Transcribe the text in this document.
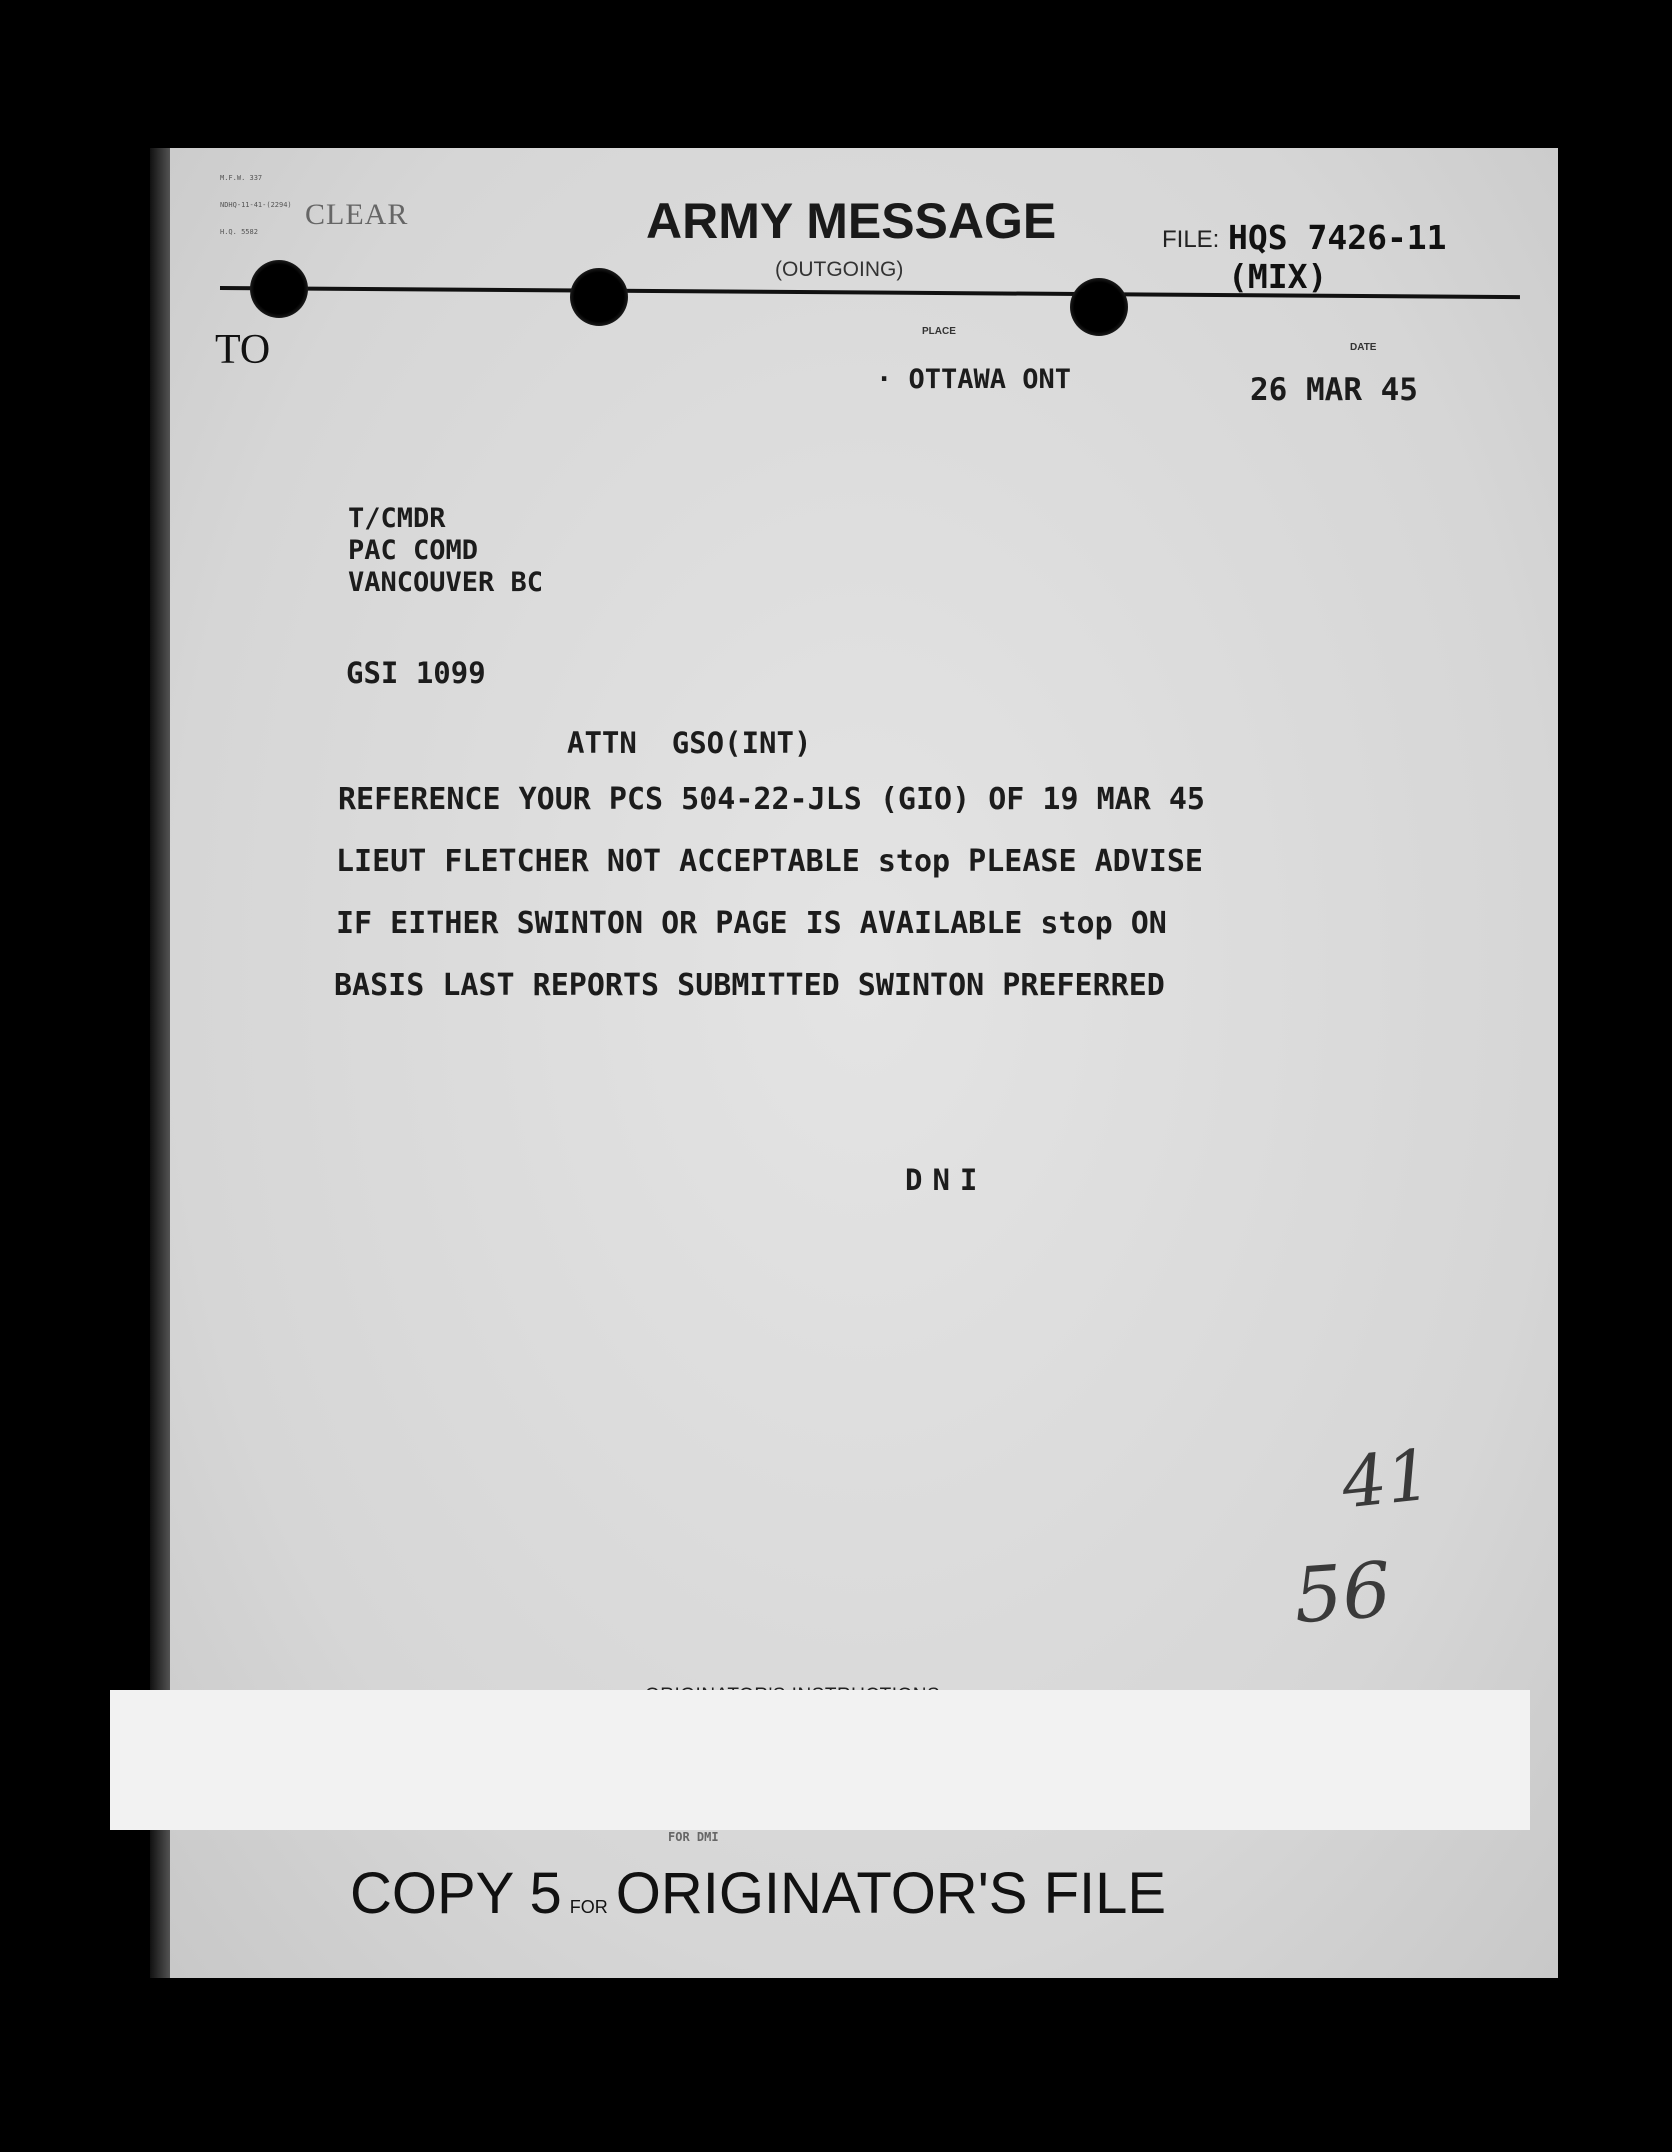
M.F.W. 337

NDHQ-11-41-(2294)

H.Q. 5582

CLEAR	ARMY MESSAGE
(OUTGOING)
FILE: HQS 7426-11 (MIX)
TO	PLACE
· OTTAWA ONT
DATE
26 MAR 45
T/CMDR
PAC COMD
VANCOUVER BC
GSI 1099
ATTN  GSO(INT)
REFERENCE YOUR PCS 504-22-JLS (GIO) OF 19 MAR 45
LIEUT FLETCHER NOT ACCEPTABLE stop PLEASE ADVISE
IF EITHER SWINTON OR PAGE IS AVAILABLE stop ON
BASIS LAST REPORTS SUBMITTED SWINTON PREFERRED
DNI
41
56
FOR DMI
COPY 5 FOR ORIGINATOR'S FILE
